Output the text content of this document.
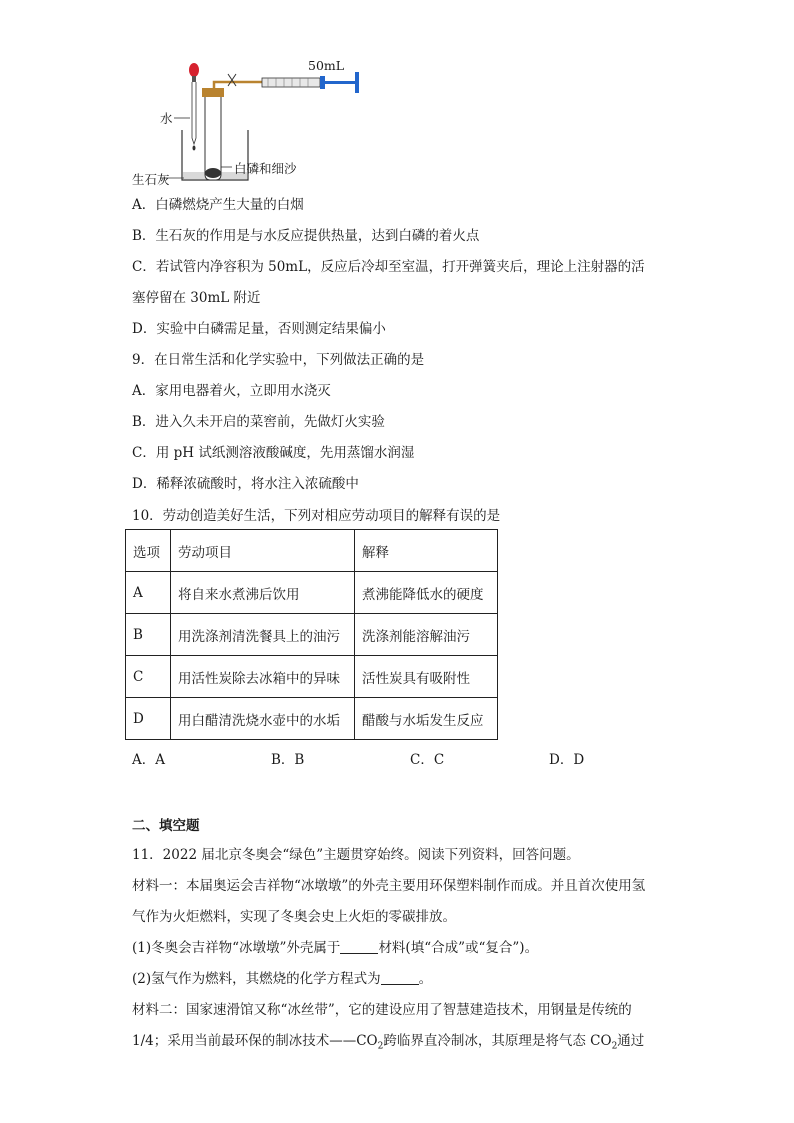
50mL
水
生石灰
白磷和细沙
A．白磷燃烧产生大量的白烟
B．生石灰的作用是与水反应提供热量，达到白磷的着火点
C．若试管内净容积为 50mL，反应后冷却至室温，打开弹簧夹后，理论上注射器的活
塞停留在 30mL 附近
D．实验中白磷需足量，否则测定结果偏小
9．在日常生活和化学实验中，下列做法正确的是
A．家用电器着火，立即用水浇灭
B．进入久未开启的菜窖前，先做灯火实验
C．用 pH 试纸测溶液酸碱度，先用蒸馏水润湿
D．稀释浓硫酸时，将水注入浓硫酸中
10．劳动创造美好生活，下列对相应劳动项目的解释有误的是
选项	劳动项目	解释
A	将自来水煮沸后饮用	煮沸能降低水的硬度
B	用洗涤剂清洗餐具上的油污	洗涤剂能溶解油污
C	用活性炭除去冰箱中的异味	活性炭具有吸附性
D	用白醋清洗烧水壶中的水垢	醋酸与水垢发生反应
A．A	B．B	C．C	D．D
二、填空题
11．2022 届北京冬奥会“绿色”主题贯穿始终。阅读下列资料，回答问题。
材料一：本届奥运会吉祥物“冰墩墩”的外壳主要用环保塑料制作而成。并且首次使用氢
气作为火炬燃料，实现了冬奥会史上火炬的零碳排放。
(1)冬奥会吉祥物“冰墩墩”外壳属于	材料(填“合成”或“复合”)。
(2)氢气作为燃料，其燃烧的化学方程式为	。
材料二：国家速滑馆又称“冰丝带”，它的建设应用了智慧建造技术，用钢量是传统的
1/4；采用当前最环保的制冰技术$——CO_2$跨临界直冷制冰，其原理是将气态 $CO_2$通过
